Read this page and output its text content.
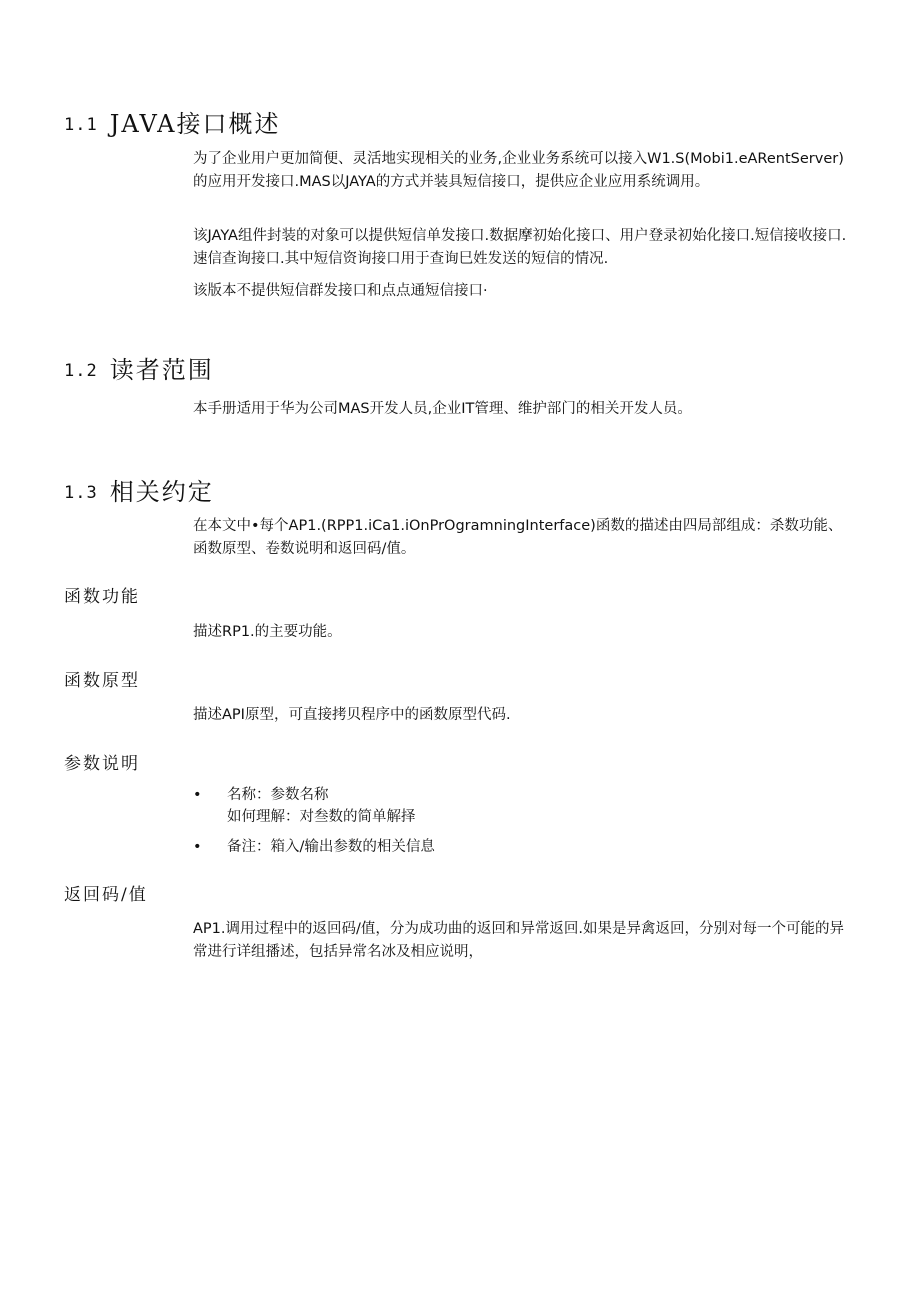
1.1 JAVA接口概述

为了企业用户更加简便、灵活地实现相关的业务,企业业务系统可以接入W1.S(Mobi1.eARentServer)的应用开发接口.MAS以JAYA的方式并装具短信接口，提供应企业应用系统调用。

该JAYA组件封装的对象可以提供短信单发接口.数据摩初始化接口、用户登录初始化接口.短信接收接口.速信查询接口.其中短信资询接口用于查询巳姓发送的短信的情况.

该版本不提供短信群发接口和点点通短信接口·

1.2 读者范围

本手册适用于华为公司MAS开发人员,企业IT管理、维护部门的相关开发人员。

1.3 相关约定

在本文中•每个AP1.(RPP1.iCa1.iOnPrOgramningInterface)函数的描述由四局部组成：杀数功能、函数原型、卷数说明和返回码/值。

函数功能

描述RP1.的主要功能。

函数原型

描述API原型，可直接拷贝程序中的函数原型代码.

参数说明
• 名称：参数名称
如何理解：对叁数的简单解择
• 备注：箱入/输出参数的相关信息
返回码/值

AP1.调用过程中的返回码/值，分为成功曲的返回和异常返回.如果是异禽返回，分别对每一个可能的异常进行详组播述，包括异常名冰及相应说明，
